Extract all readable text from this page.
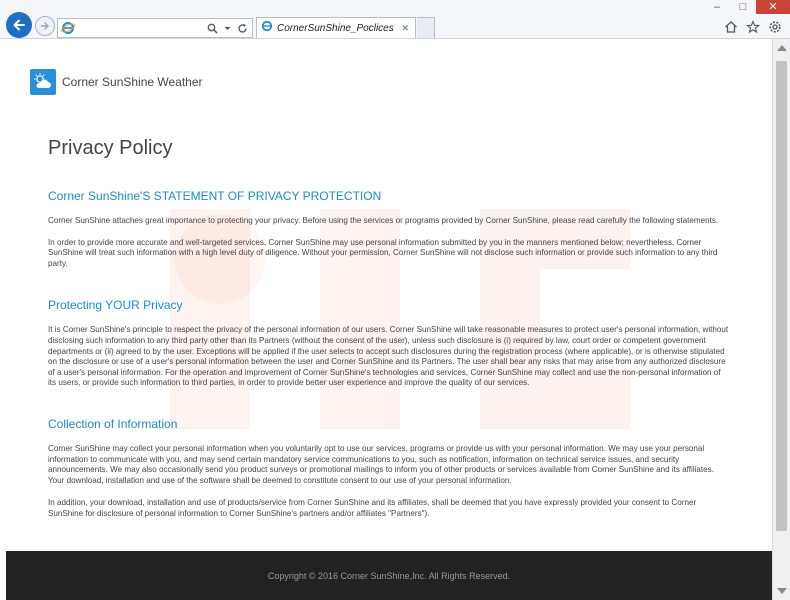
–	□	✕
CornerSunShine_Poclices ✕
Corner SunShine Weather
Privacy Policy
Corner SunShine'S STATEMENT OF PRIVACY PROTECTION

Corner SunShine attaches great importance to protecting your privacy. Before using the services or programs provided by Corner SunShine, please read carefully the following statements.

In order to provide more accurate and well-targeted services, Corner SunShine may use personal information submitted by you in the manners mentioned below; nevertheless, Corner SunShine will treat such information with a high level duty of diligence. Without your permission, Corner SunShine will not disclose such information or provide such information to any third party.

Protecting YOUR Privacy

It is Corner SunShine's principle to respect the privacy of the personal information of our users. Corner SunShine will take reasonable measures to protect user's personal information, without disclosing such information to any third party other than its Partners (without the consent of the user), unless such disclosure is (i) required by law, court order or competent government departments or (ii) agreed to by the user. Exceptions will be applied if the user selects to accept such disclosures during the registration process (where applicable), or is otherwise stipulated on the disclosure or use of a user's personal information between the user and Corner SunShine and its Partners. The user shall bear any risks that may arise from any authorized disclosure of a user's personal information. For the operation and improvement of Corner SunShine's technologies and services, Corner SunShine may collect and use the non-personal information of its users, or provide such information to third parties, in order to provide better user experience and improve the quality of our services.

Collection of Information

Corner SunShine may collect your personal information when you voluntarily opt to use our services, programs or provide us with your personal information. We may use your personal information to communicate with you, and may send certain mandatory service communications to you, such as notification, information on technical service issues, and security announcements. We may also occasionally send you product surveys or promotional mailings to inform you of other products or services available from Corner SunShine and its affiliates. Your download, installation and use of the software shall be deemed to constitute consent to our use of your personal information.

In addition, your download, installation and use of products/service from Corner SunShine and its affiliates, shall be deemed that you have expressly provided your consent to Corner SunShine for disclosure of personal information to Corner SunShine's partners and/or affiliates "Partners").

Copyright © 2016 Corner SunShine,Inc. All Rights Reserved.
